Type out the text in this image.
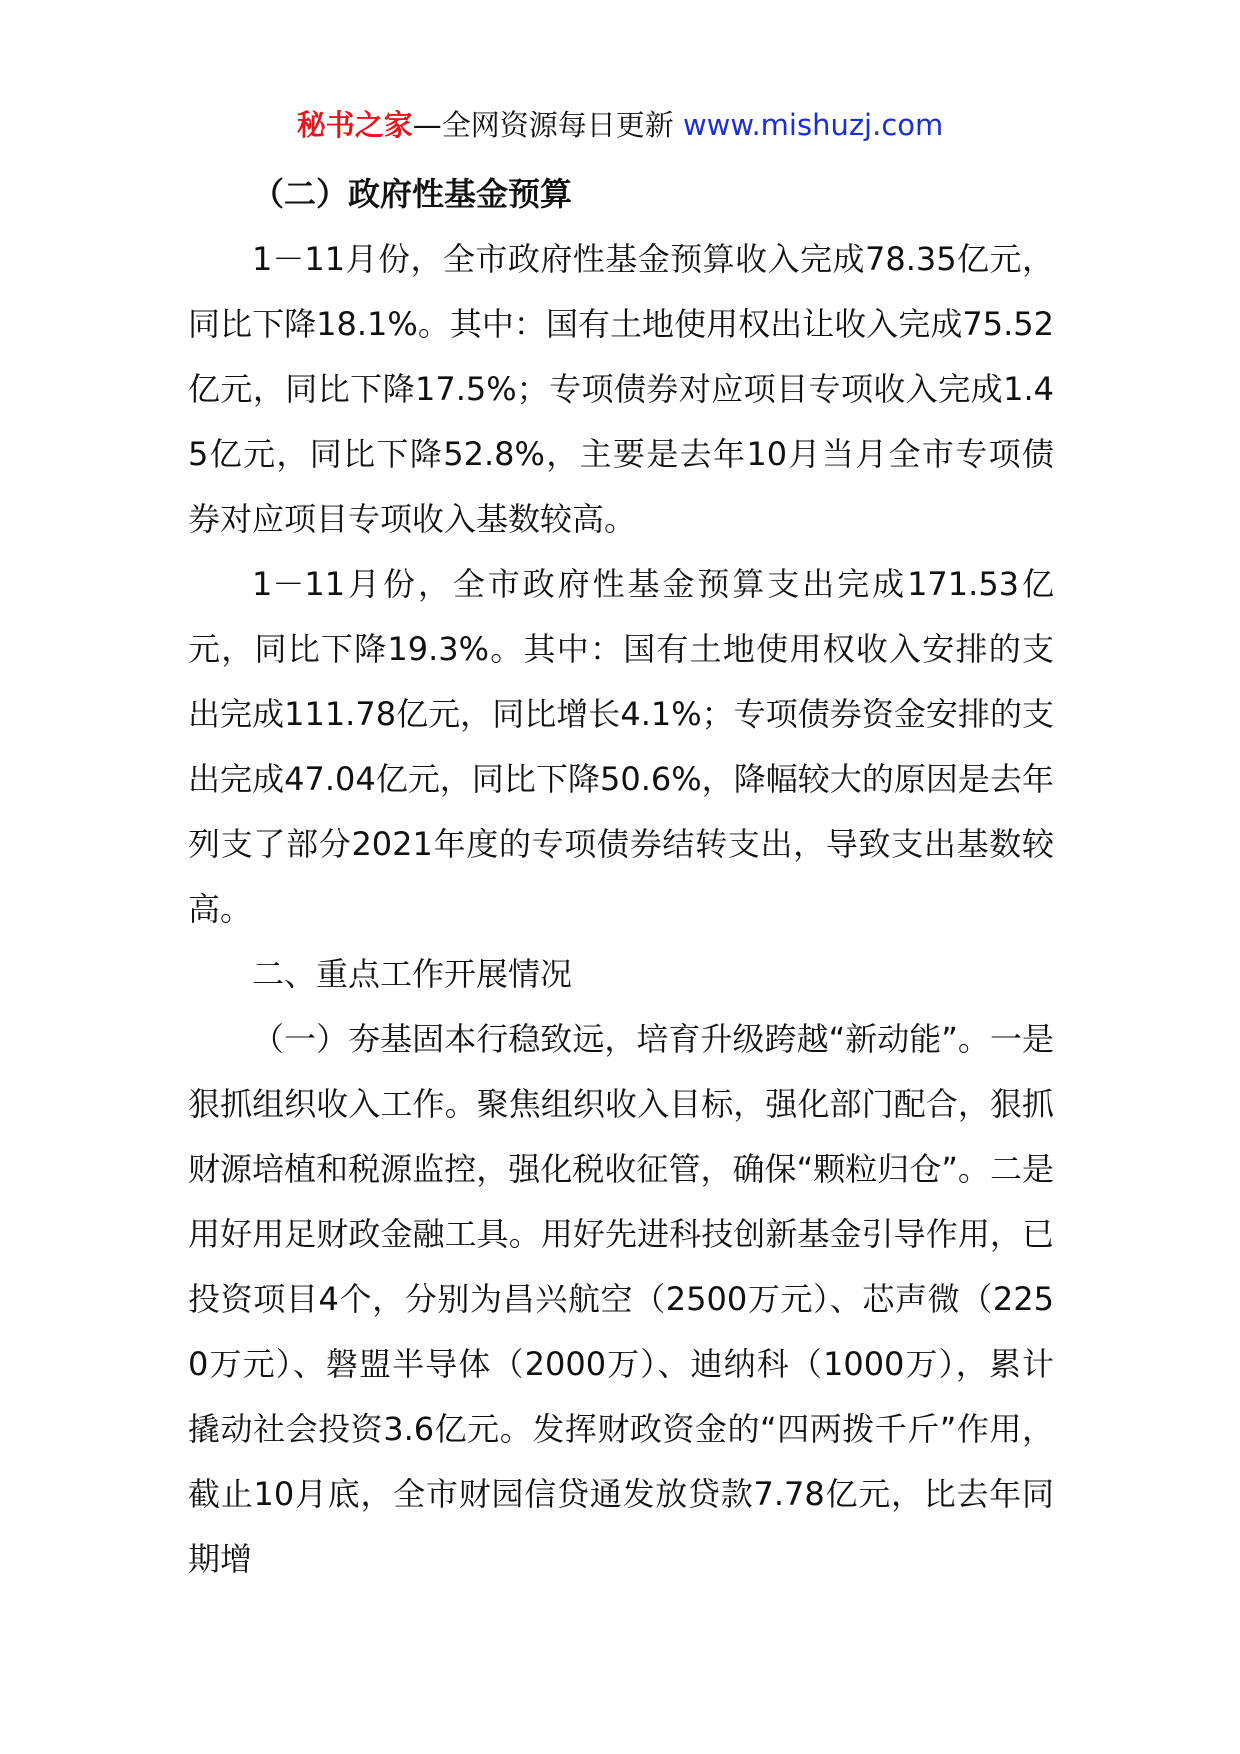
秘书之家—全网资源每日更新 www.mishuzj.com

（二）政府性基金预算

1－11月份，全市政府性基金预算收入完成78.35亿元，同比下降18.1%。其中：国有土地使用权出让收入完成75.52亿元，同比下降17.5%；专项债券对应项目专项收入完成1.45亿元，同比下降52.8%，主要是去年10月当月全市专项债券对应项目专项收入基数较高。

1－11月份，全市政府性基金预算支出完成171.53亿元，同比下降19.3%。其中：国有土地使用权收入安排的支出完成111.78亿元，同比增长4.1%；专项债券资金安排的支出完成47.04亿元，同比下降50.6%，降幅较大的原因是去年列支了部分2021年度的专项债券结转支出，导致支出基数较高。

二、重点工作开展情况

（一）夯基固本行稳致远，培育升级跨越“新动能”。一是狠抓组织收入工作。聚焦组织收入目标，强化部门配合，狠抓财源培植和税源监控，强化税收征管，确保“颗粒归仓”。二是用好用足财政金融工具。用好先进科技创新基金引导作用，已投资项目4个，分别为昌兴航空（2500万元）、芯声微（2250万元）、磐盟半导体（2000万）、迪纳科（1000万），累计撬动社会投资3.6亿元。发挥财政资金的“四两拨千斤”作用，截止10月底，全市财园信贷通发放贷款7.78亿元，比去年同期增
